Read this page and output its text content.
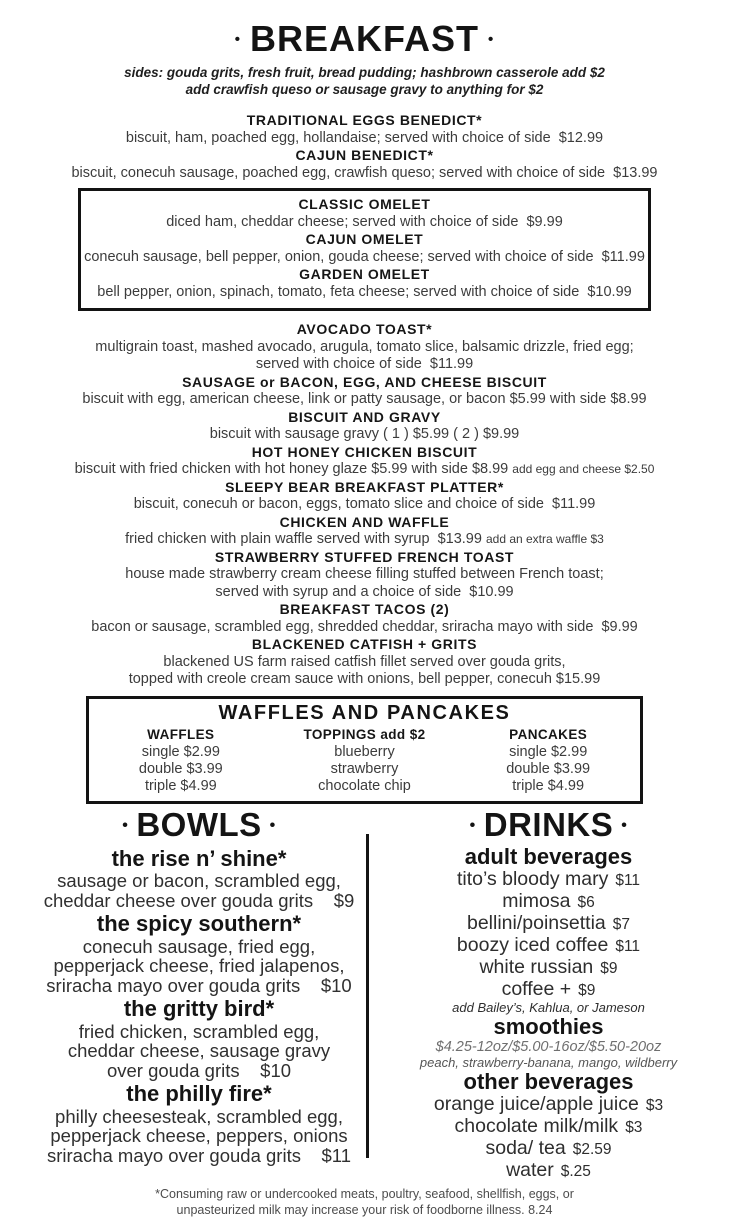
• BREAKFAST •
sides: gouda grits, fresh fruit, bread pudding; hashbrown casserole add $2
add crawfish queso or sausage gravy to anything for $2
TRADITIONAL EGGS BENEDICT*
biscuit, ham, poached egg, hollandaise; served with choice of side  $12.99
CAJUN BENEDICT*
biscuit, conecuh sausage, poached egg, crawfish queso; served with choice of side  $13.99
CLASSIC OMELET
diced ham, cheddar cheese; served with choice of side  $9.99
CAJUN OMELET
conecuh sausage, bell pepper, onion, gouda cheese; served with choice of side  $11.99
GARDEN OMELET
bell pepper, onion, spinach, tomato, feta cheese; served with choice of side  $10.99
AVOCADO TOAST*
multigrain toast, mashed avocado, arugula, tomato slice, balsamic drizzle, fried egg;
served with choice of side  $11.99
SAUSAGE or BACON, EGG, AND CHEESE BISCUIT
biscuit with egg, american cheese, link or patty sausage, or bacon $5.99 with side $8.99
BISCUIT AND GRAVY
biscuit with sausage gravy ( 1 ) $5.99 ( 2 ) $9.99
HOT HONEY CHICKEN BISCUIT
biscuit with fried chicken with hot honey glaze $5.99 with side $8.99 add egg and cheese $2.50
SLEEPY BEAR BREAKFAST PLATTER*
biscuit, conecuh or bacon, eggs, tomato slice and choice of side  $11.99
CHICKEN AND WAFFLE
fried chicken with plain waffle served with syrup  $13.99 add an extra waffle $3
STRAWBERRY STUFFED FRENCH TOAST
house made strawberry cream cheese filling stuffed between French toast;
served with syrup and a choice of side  $10.99
BREAKFAST TACOS (2)
bacon or sausage, scrambled egg, shredded cheddar, sriracha mayo with side  $9.99
BLACKENED CATFISH + GRITS
blackened US farm raised catfish fillet served over gouda grits,
topped with creole cream sauce with onions, bell pepper, conecuh $15.99
WAFFLES AND PANCAKES
WAFFLES
single $2.99
double $3.99
triple $4.99
TOPPINGS add $2
blueberry
strawberry
chocolate chip
PANCAKES
single $2.99
double $3.99
triple $4.99
• BOWLS •
the rise n’ shine*
sausage or bacon, scrambled egg,
cheddar cheese over gouda grits    $9
the spicy southern*
conecuh sausage, fried egg,
pepperjack cheese, fried jalapenos,
sriracha mayo over gouda grits    $10
the gritty bird*
fried chicken, scrambled egg,
cheddar cheese, sausage gravy
over gouda grits    $10
the philly fire*
philly cheesesteak, scrambled egg,
pepperjack cheese, peppers, onions
sriracha mayo over gouda grits    $11
• DRINKS •
adult beverages
tito’s bloody mary $11
mimosa $6
bellini/poinsettia $7
boozy iced coffee $11
white russian $9
coffee + $9
add Bailey’s, Kahlua, or Jameson
smoothies
$4.25-12oz/$5.00-16oz/$5.50-20oz
peach, strawberry-banana, mango, wildberry
other beverages
orange juice/apple juice $3
chocolate milk/milk $3
soda/ tea $2.59
water $.25
*Consuming raw or undercooked meats, poultry, seafood, shellfish, eggs, or
unpasteurized milk may increase your risk of foodborne illness. 8.24
